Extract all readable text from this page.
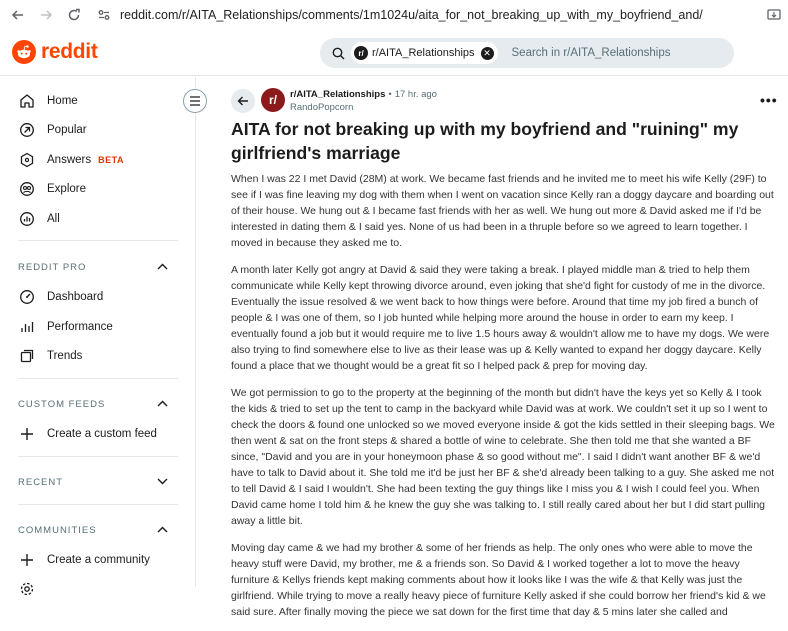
reddit.com/r/AITA_Relationships/comments/1m1024u/aita_for_not_breaking_up_with_my_boyfriend_and/
reddit	r/ r/AITA_Relationships ✕ Search in r/AITA_Relationships
Home
Popular
Answers BETA
Explore
All
REDDIT PRO
Dashboard
Performance
Trends
CUSTOM FEEDS
Create a custom feed
RECENT
COMMUNITIES
Create a community
r/	r/AITA_Relationships • 17 hr. ago
RandoPopcorn	•••
AITA for not breaking up with my boyfriend and "ruining" my girlfriend's marriage

When I was 22 I met David (28M) at work. We became fast friends and he invited me to meet his wife Kelly (29F) to see if I was fine leaving my dog with them when I went on vacation since Kelly ran a doggy daycare and boarding out of their house. We hung out & I became fast friends with her as well. We hung out more & David asked me if I'd be interested in dating them & I said yes. None of us had been in a thruple before so we agreed to learn together. I moved in because they asked me to.

A month later Kelly got angry at David & said they were taking a break. I played middle man & tried to help them communicate while Kelly kept throwing divorce around, even joking that she'd fight for custody of me in the divorce. Eventually the issue resolved & we went back to how things were before. Around that time my job fired a bunch of people & I was one of them, so I job hunted while helping more around the house in order to earn my keep. I eventually found a job but it would require me to live 1.5 hours away & wouldn't allow me to have my dogs. We were also trying to find somewhere else to live as their lease was up & Kelly wanted to expand her doggy daycare. Kelly found a place that we thought would be a great fit so I helped pack & prep for moving day.

We got permission to go to the property at the beginning of the month but didn't have the keys yet so Kelly & I took the kids & tried to set up the tent to camp in the backyard while David was at work. We couldn't set it up so I went to check the doors & found one unlocked so we moved everyone inside & got the kids settled in their sleeping bags. We then went & sat on the front steps & shared a bottle of wine to celebrate. She then told me that she wanted a BF since, "David and you are in your honeymoon phase & so good without me". I said I didn't want another BF & we'd have to talk to David about it. She told me it'd be just her BF & she'd already been talking to a guy. She asked me not to tell David & I said I wouldn't. She had been texting the guy things like I miss you & I wish I could feel you. When David came home I told him & he knew the guy she was talking to. I still really cared about her but I did start pulling away a little bit.

Moving day came & we had my brother & some of her friends as help. The only ones who were able to move the heavy stuff were David, my brother, me & a friends son. So David & I worked together a lot to move the heavy furniture & Kellys friends kept making comments about how it looks like I was the wife & that Kelly was just the girlfriend. While trying to move a really heavy piece of furniture Kelly asked if she could borrow her friend's kid & we said sure. After finally moving the piece we sat down for the first time that day & 5 mins later she called and
